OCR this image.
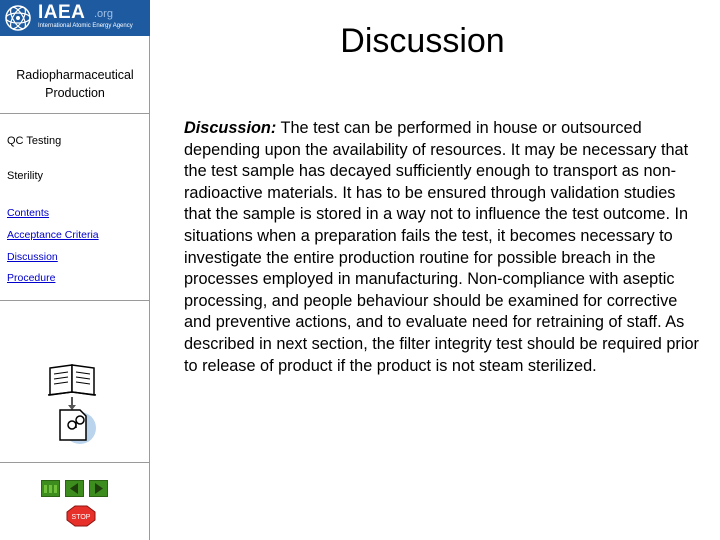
IAEA .org
International Atomic Energy Agency
Radiopharmaceutical Production
QC Testing
Sterility
Contents
Acceptance Criteria
Discussion
Procedure
STOP
Discussion
Discussion: The test can be performed in house or outsourced depending upon the availability of resources. It may be necessary that the test sample has decayed sufficiently enough to transport as non-radioactive materials. It has to be ensured through validation studies that the sample is stored in a way not to influence the test outcome. In situations when a preparation fails the test, it becomes necessary to investigate the entire production routine for possible breach in the processes employed in manufacturing. Non-compliance with aseptic processing, and people behaviour should be examined for corrective and preventive actions, and to evaluate need for retraining of staff. As described in next section, the filter integrity test should be required prior to release of product if the product is not steam sterilized.
